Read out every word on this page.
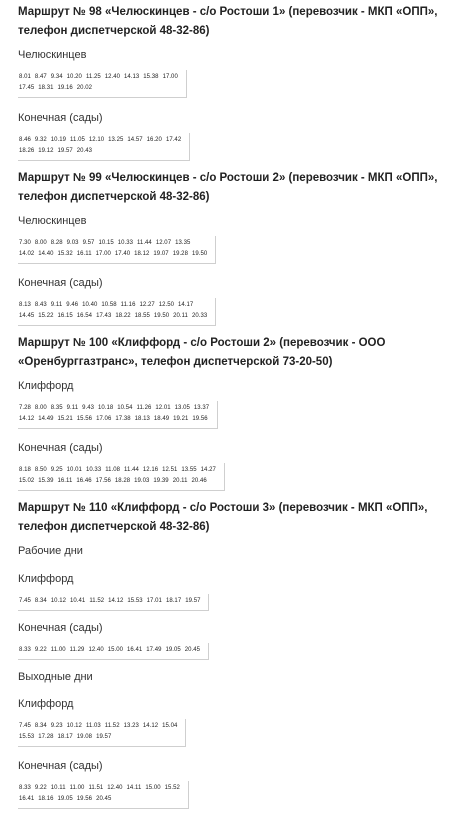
Маршрут № 98 «Челюскинцев - с/о Ростоши 1» (перевозчик - МКП «ОПП», телефон диспетчерской 48-32-86)
Челюскинцев
8.01 8.47 9.34 10.20 11.25 12.40 14.13 15.38 17.00
17.45 18.31 19.16 20.02
Конечная (сады)
8.46 9.32 10.19 11.05 12.10 13.25 14.57 16.20 17.42
18.26 19.12 19.57 20.43
Маршрут № 99 «Челюскинцев - с/о Ростоши 2» (перевозчик - МКП «ОПП», телефон диспетчерской 48-32-86)
Челюскинцев
7.30 8.00 8.28 9.03 9.57 10.15 10.33 11.44 12.07 13.35
14.02 14.40 15.32 16.11 17.00 17.40 18.12 19.07 19.28 19.50
Конечная (сады)
8.13 8.43 9.11 9.46 10.40 10.58 11.16 12.27 12.50 14.17
14.45 15.22 16.15 16.54 17.43 18.22 18.55 19.50 20.11 20.33
Маршрут № 100 «Клиффорд - с/о Ростоши 2» (перевозчик - ООО «Оренбурггазтранс», телефон диспетчерской 73-20-50)
Клиффорд
7.28 8.00 8.35 9.11 9.43 10.18 10.54 11.26 12.01 13.05 13.37
14.12 14.49 15.21 15.56 17.06 17.38 18.13 18.49 19.21 19.56
Конечная (сады)
8.18 8.50 9.25 10.01 10.33 11.08 11.44 12.16 12.51 13.55 14.27
15.02 15.39 16.11 16.46 17.56 18.28 19.03 19.39 20.11 20.46
Маршрут № 110 «Клиффорд - с/о Ростоши 3» (перевозчик - МКП «ОПП», телефон диспетчерской 48-32-86)
Рабочие дни
Клиффорд
7.45 8.34 10.12 10.41 11.52 14.12 15.53 17.01 18.17 19.57
Конечная (сады)
8.33 9.22 11.00 11.29 12.40 15.00 16.41 17.49 19.05 20.45
Выходные дни
Клиффорд
7.45 8.34 9.23 10.12 11.03 11.52 13.23 14.12 15.04
15.53 17.28 18.17 19.08 19.57
Конечная (сады)
8.33 9.22 10.11 11.00 11.51 12.40 14.11 15.00 15.52
16.41 18.16 19.05 19.56 20.45
